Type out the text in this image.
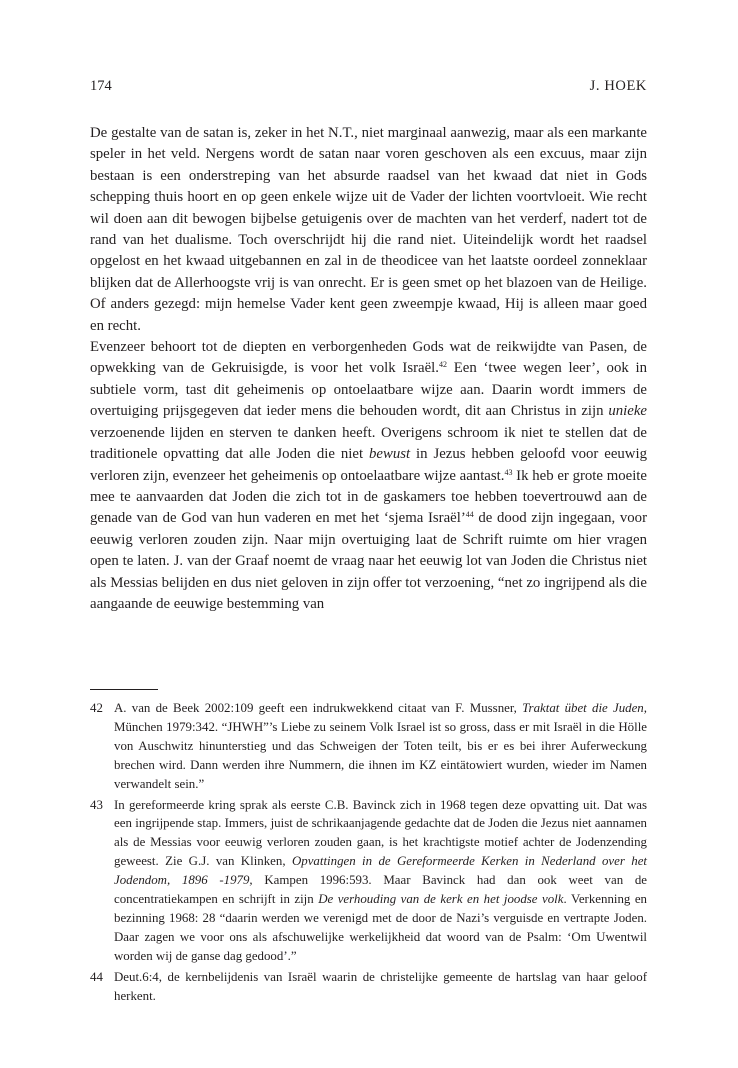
174	J. HOEK

De gestalte van de satan is, zeker in het N.T., niet marginaal aanwezig, maar als een markante speler in het veld. Nergens wordt de satan naar voren geschoven als een excuus, maar zijn bestaan is een onderstreping van het absurde raadsel van het kwaad dat niet in Gods schepping thuis hoort en op geen enkele wijze uit de Vader der lichten voortvloeit. Wie recht wil doen aan dit bewogen bijbelse getuigenis over de machten van het verderf, nadert tot de rand van het dualisme. Toch overschrijdt hij die rand niet. Uiteindelijk wordt het raadsel opgelost en het kwaad uitgebannen en zal in de theodicee van het laatste oordeel zonneklaar blijken dat de Allerhoogste vrij is van onrecht. Er is geen smet op het blazoen van de Heilige. Of anders gezegd: mijn hemelse Vader kent geen zweempje kwaad, Hij is alleen maar goed en recht.

Evenzeer behoort tot de diepten en verborgenheden Gods wat de reikwijdte van Pasen, de opwekking van de Gekruisigde, is voor het volk Israël.$^{42}$ Een ‘twee wegen leer’, ook in subtiele vorm, tast dit geheimenis op ontoelaatbare wijze aan. Daarin wordt immers de overtuiging prijsgegeven dat ieder mens die behouden wordt, dit aan Christus in zijn unieke verzoenende lijden en sterven te danken heeft. Overigens schroom ik niet te stellen dat de traditionele opvatting dat alle Joden die niet bewust in Jezus hebben geloofd voor eeuwig verloren zijn, evenzeer het geheimenis op ontoelaatbare wijze aantast.$^{43}$ Ik heb er grote moeite mee te aanvaarden dat Joden die zich tot in de gaskamers toe hebben toevertrouwd aan de genade van de God van hun vaderen en met het ‘sjema Israël’$^{44}$ de dood zijn ingegaan, voor eeuwig verloren zouden zijn. Naar mijn overtuiging laat de Schrift ruimte om hier vragen open te laten. J. van der Graaf noemt de vraag naar het eeuwig lot van Joden die Christus niet als Messias belijden en dus niet geloven in zijn offer tot verzoening, “net zo ingrijpend als die aangaande de eeuwige bestemming van

42 A. van de Beek 2002:109 geeft een indrukwekkend citaat van F. Mussner, Traktat übet die Juden, München 1979:342. “JHWH”’s Liebe zu seinem Volk Israel ist so gross, dass er mit Israël in die Hölle von Auschwitz hinunterstieg und das Schweigen der Toten teilt, bis er es bei ihrer Auferweckung brechen wird. Dann werden ihre Nummern, die ihnen im KZ eintätowiert wurden, wieder im Namen verwandelt sein.”
43 In gereformeerde kring sprak als eerste C.B. Bavinck zich in 1968 tegen deze opvatting uit. Dat was een ingrijpende stap. Immers, juist de schrikaanjagende gedachte dat de Joden die Jezus niet aannamen als de Messias voor eeuwig verloren zouden gaan, is het krachtigste motief achter de Jodenzending geweest. Zie G.J. van Klinken, Opvattingen in de Gereformeerde Kerken in Nederland over het Jodendom, 1896 -1979, Kampen 1996:593. Maar Bavinck had dan ook weet van de concentratiekampen en schrijft in zijn De verhouding van de kerk en het joodse volk. Verkenning en bezinning 1968: 28 “daarin werden we verenigd met de door de Nazi’s verguisde en vertrapte Joden. Daar zagen we voor ons als afschuwelijke werkelijkheid dat woord van de Psalm: ‘Om Uwentwil worden wij de ganse dag gedood’.”
44 Deut.6:4, de kernbelijdenis van Israël waarin de christelijke gemeente de hartslag van haar geloof herkent.
